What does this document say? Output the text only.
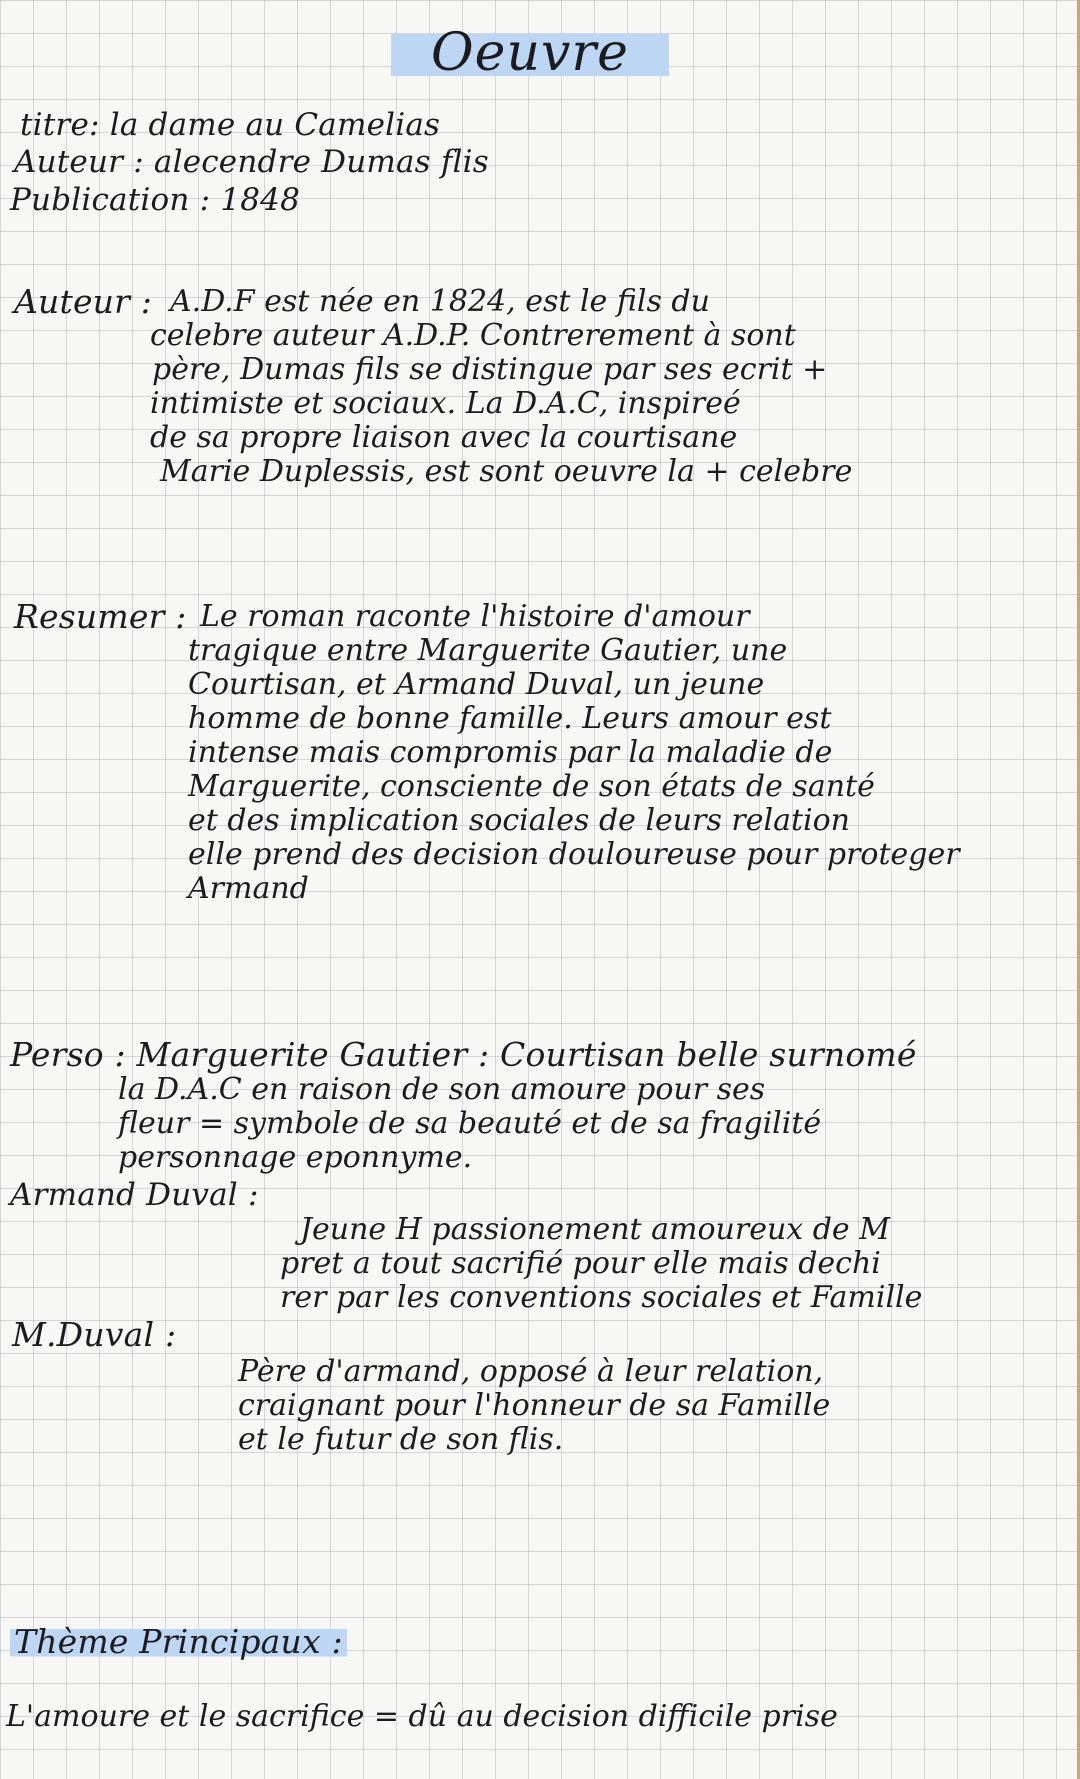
Oeuvre
titre: la dame au Camelias
Auteur : alecendre Dumas flis
Publication : 1848
Auteur : A.D.F est née en 1824, est le fils du
celebre auteur A.D.P. Contrerement à sont
père, Dumas fils se distingue par ses ecrit +
intimiste et sociaux. La D.A.C, inspireé
de sa propre liaison avec la courtisane
Marie Duplessis, est sont oeuvre la + celebre
Resumer : Le roman raconte l'histoire d'amour
tragique entre Marguerite Gautier, une
Courtisan, et Armand Duval, un jeune
homme de bonne famille. Leurs amour est
intense mais compromis par la maladie de
Marguerite, consciente de son états de santé
et des implication sociales de leurs relation
elle prend des decision douloureuse pour proteger
Armand
Perso : Marguerite Gautier : Courtisan belle surnomé
la D.A.C en raison de son amoure pour ses
fleur = symbole de sa beauté et de sa fragilité
personnage eponnyme.
Armand Duval :
Jeune H passionement amoureux de M
pret a tout sacrifié pour elle mais dechi
rer par les conventions sociales et Famille
M.Duval :
Père d'armand, opposé à leur relation,
craignant pour l'honneur de sa Famille
et le futur de son flis.
Thème Principaux :
L'amoure et le sacrifice = dû au decision difficile prise
